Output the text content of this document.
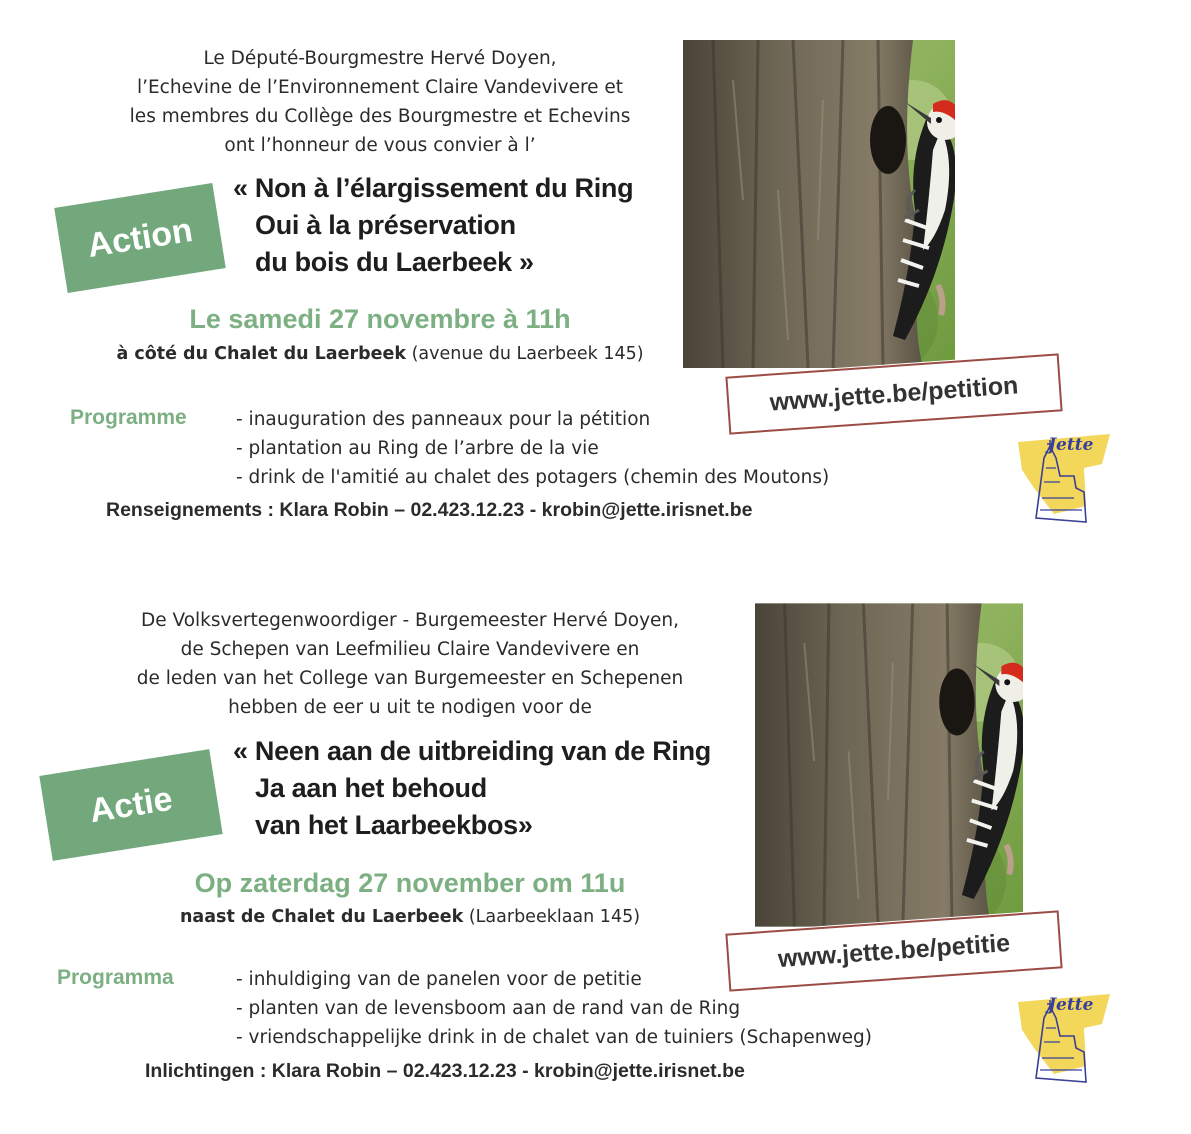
Le Député-Bourgmestre Hervé Doyen,
l’Echevine de l’Environnement Claire Vandevivere et
les membres du Collège des Bourgmestre et Echevins
ont l’honneur de vous convier à l’
Action
« Non à l’élargissement du Ring
Oui à la préservation
du bois du Laerbeek »
Le samedi 27 novembre à 11h
à côté du Chalet du Laerbeek (avenue du Laerbeek 145)
www.jette.be/petition
Programme	- inauguration des panneaux pour la pétition
- plantation au Ring de l’arbre de la vie
- drink de l'amitié au chalet des potagers (chemin des Moutons)
Jette
Renseignements : Klara Robin – 02.423.12.23 - krobin@jette.irisnet.be
De Volksvertegenwoordiger - Burgemeester Hervé Doyen,
de Schepen van Leefmilieu Claire Vandevivere en
de leden van het College van Burgemeester en Schepenen
hebben de eer u uit te nodigen voor de
Actie
« Neen aan de uitbreiding van de Ring
Ja aan het behoud
van het Laarbeekbos»
Op zaterdag 27 november om 11u
naast de Chalet du Laerbeek (Laarbeeklaan 145)
www.jette.be/petitie
Programma	- inhuldiging van de panelen voor de petitie
- planten van de levensboom aan de rand van de Ring
- vriendschappelijke drink in de chalet van de tuiniers (Schapenweg)
Jette
Inlichtingen : Klara Robin – 02.423.12.23 - krobin@jette.irisnet.be
